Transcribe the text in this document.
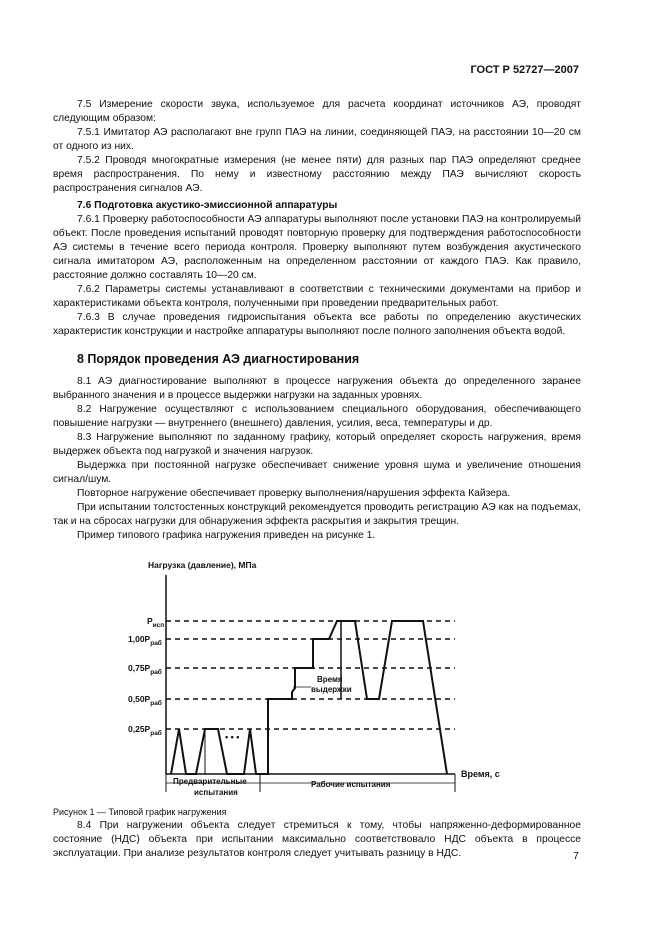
ГОСТ Р 52727—2007

7.5 Измерение скорости звука, используемое для расчета координат источников АЭ, проводят следующим образом:

7.5.1 Имитатор АЭ располагают вне групп ПАЭ на линии, соединяющей ПАЭ, на расстоянии 10—20 см от одного из них.

7.5.2 Проводя многократные измерения (не менее пяти) для разных пар ПАЭ определяют среднее время распространения. По нему и известному расстоянию между ПАЭ вычисляют скорость распространения сигналов АЭ.

7.6 Подготовка акустико-эмиссионной аппаратуры

7.6.1 Проверку работоспособности АЭ аппаратуры выполняют после установки ПАЭ на контролируемый объект. После проведения испытаний проводят повторную проверку для подтверждения работоспособности АЭ системы в течение всего периода контроля. Проверку выполняют путем возбуждения акустического сигнала имитатором АЭ, расположенным на определенном расстоянии от каждого ПАЭ. Как правило, расстояние должно составлять 10—20 см.

7.6.2 Параметры системы устанавливают в соответствии с техническими документами на прибор и характеристиками объекта контроля, полученными при проведении предварительных работ.

7.6.3 В случае проведения гидроиспытания объекта все работы по определению акустических характеристик конструкции и настройке аппаратуры выполняют после полного заполнения объекта водой.

8 Порядок проведения АЭ диагностирования

8.1 АЭ диагностирование выполняют в процессе нагружения объекта до определенного заранее выбранного значения и в процессе выдержки нагрузки на заданных уровнях.

8.2 Нагружение осуществляют с использованием специального оборудования, обеспечивающего повышение нагрузки — внутреннего (внешнего) давления, усилия, веса, температуры и др.

8.3 Нагружение выполняют по заданному графику, который определяет скорость нагружения, время выдержек объекта под нагрузкой и значения нагрузок.

Выдержка при постоянной нагрузке обеспечивает снижение уровня шума и увеличение отношения сигнал/шум.

Повторное нагружение обеспечивает проверку выполнения/нарушения эффекта Кайзера.

При испытании толстостенных конструкций рекомендуется проводить регистрацию АЭ как на подъемах, так и на сбросах нагрузки для обнаружения эффекта раскрытия и закрытия трещин.

Пример типового графика нагружения приведен на рисунке 1.

Нагрузка (давление), МПа
Время, с
$P_{исп}$
$1,00P_{раб}$
$0,75P_{раб}$
$0,50P_{раб}$
$0,25P_{раб}$	• • •
Время
выдержки
Предварительные
испытания
Рабочие испытания

Рисунок 1 — Типовой график нагружения

8.4 При нагружении объекта следует стремиться к тому, чтобы напряженно-деформированное состояние (НДС) объекта при испытании максимально соответствовало НДС объекта в процессе эксплуатации. При анализе результатов контроля следует учитывать разницу в НДС.	7
